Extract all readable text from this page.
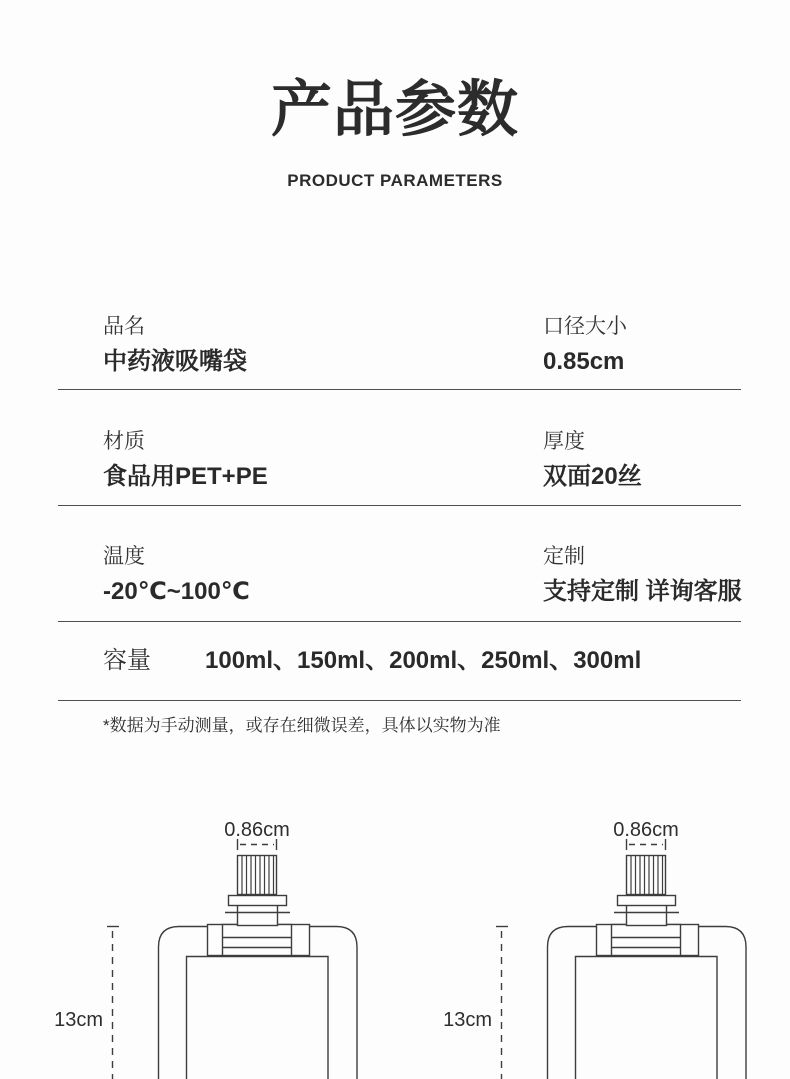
产品参数
PRODUCT PARAMETERS
品名
中药液吸嘴袋
口径大小
0.85cm
材质
食品用PET+PE
厚度
双面20丝
温度
-20℃~100℃
定制
支持定制 详询客服
容量 100ml、150ml、200ml、250ml、300ml
*数据为手动测量，或存在细微误差，具体以实物为准
0.86cm
13cm
0.86cm
13cm
